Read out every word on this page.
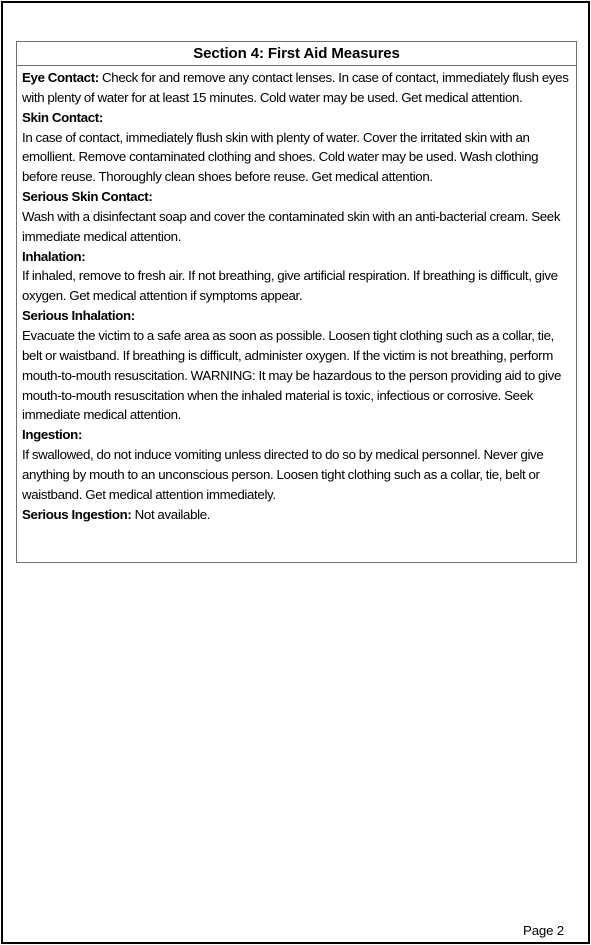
Section 4: First Aid Measures

Eye Contact: Check for and remove any contact lenses. In case of contact, immediately flush eyes with plenty of water for at least 15 minutes. Cold water may be used. Get medical attention.

Skin Contact:
In case of contact, immediately flush skin with plenty of water. Cover the irritated skin with an emollient. Remove contaminated clothing and shoes. Cold water may be used. Wash clothing before reuse. Thoroughly clean shoes before reuse. Get medical attention.
Serious Skin Contact:
Wash with a disinfectant soap and cover the contaminated skin with an anti-bacterial cream. Seek immediate medical attention.
Inhalation:
If inhaled, remove to fresh air. If not breathing, give artificial respiration. If breathing is difficult, give oxygen. Get medical attention if symptoms appear.
Serious Inhalation:
Evacuate the victim to a safe area as soon as possible. Loosen tight clothing such as a collar, tie, belt or waistband. If breathing is difficult, administer oxygen. If the victim is not breathing, perform mouth-to-mouth resuscitation. WARNING: It may be hazardous to the person providing aid to give mouth-to-mouth resuscitation when the inhaled material is toxic, infectious or corrosive. Seek immediate medical attention.
Ingestion:
If swallowed, do not induce vomiting unless directed to do so by medical personnel. Never give anything by mouth to an unconscious person. Loosen tight clothing such as a collar, tie, belt or waistband. Get medical attention immediately.

Serious Ingestion: Not available.

Page 2
